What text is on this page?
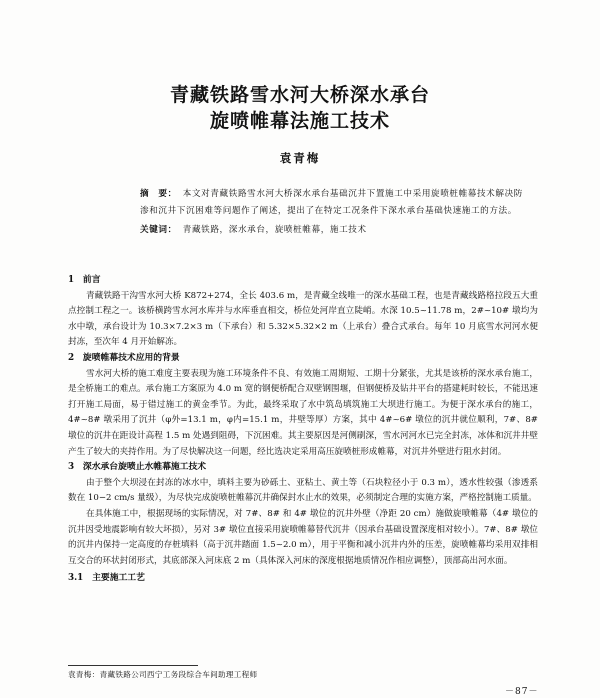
青藏铁路雪水河大桥深水承台

旋喷帷幕法施工技术

袁青梅

摘　要： 本文对青藏铁路雪水河大桥深水承台基础沉井下置施工中采用旋喷桩帷幕技术解决防渗和沉井下沉困难等问题作了阐述，提出了在特定工况条件下深水承台基础快速施工的方法。

关键词： 青藏铁路，深水承台，旋喷桩帷幕，施工技术

1　前言

青藏铁路干沟雪水河大桥 K872+274，全长 403.6 m，是青藏全线唯一的深水基础工程，也是青藏线路格拉段五大重点控制工程之一。该桥横跨雪水河水库并与水库垂直相交，桥位处河岸直立陡峭。水深 10.5~11.78 m，2#~10# 墩均为水中墩，承台设计为 10.3×7.2×3 m（下承台）和 5.32×5.32×2 m（上承台）叠合式承台。每年 10 月底雪水河河水便封冻，至次年 4 月开始解冻。

2　旋喷帷幕技术应用的背景

雪水河大桥的施工难度主要表现为施工环境条件不良、有效施工周期短、工期十分紧张，尤其是该桥的深水承台施工，是全桥施工的难点。承台施工方案原为 4.0 m 宽的钢便桥配合双壁钢围堰，但钢便桥及钻井平台的搭建耗时较长，不能迅速打开施工局面，易于错过施工的黄金季节。为此，最终采取了水中筑岛填筑施工大坝进行施工。为便于深水承台的施工，4#~8# 墩采用了沉井（φ外=13.1 m，φ内=15.1 m，井壁等厚）方案，其中 4#~6# 墩位的沉井就位顺利，7#、8# 墩位的沉井在距设计高程 1.5 m 处遇到阻碍，下沉困难。其主要原因是河侧刷深，雪水河河水已完全封冻，冰体和沉井井壁产生了较大的夹持作用。为了尽快解决这一问题，经比选决定采用高压旋喷桩形成帷幕，对沉井外壁进行阻水封闭。

3　深水承台旋喷止水帷幕施工技术

由于整个大坝浸在封冻的冰水中，填料主要为砂砾土、亚粘土、黄土等（石块粒径小于 0.3 m），透水性较强（渗透系数在 10−2 cm/s 量级），为尽快完成旋喷桩帷幕沉井确保封水止水的效果，必须制定合理的实施方案，严格控制施工质量。

在具体施工中，根据现场的实际情况，对 7#、8# 和 4# 墩位的沉井外壁（净距 20 cm）施做旋喷帷幕（4# 墩位的沉井因受地震影响有较大坏损），另对 3# 墩位直接采用旋喷帷幕替代沉井（因承台基础设置深度相对较小）。7#、8# 墩位的沉井内保持一定高度的存桩填料（高于沉井踏面 1.5~2.0 m），用于平衡和减小沉井内外的压差，旋喷帷幕均采用双排相互交合的环状封闭形式，其底部深入河床底 2 m（具体深入河床的深度根据地质情况作相应调整），顶部高出河水面。

3.1　主要施工工艺

袁青梅：青藏铁路公司西宁工务段综合车间助理工程师
－87－
